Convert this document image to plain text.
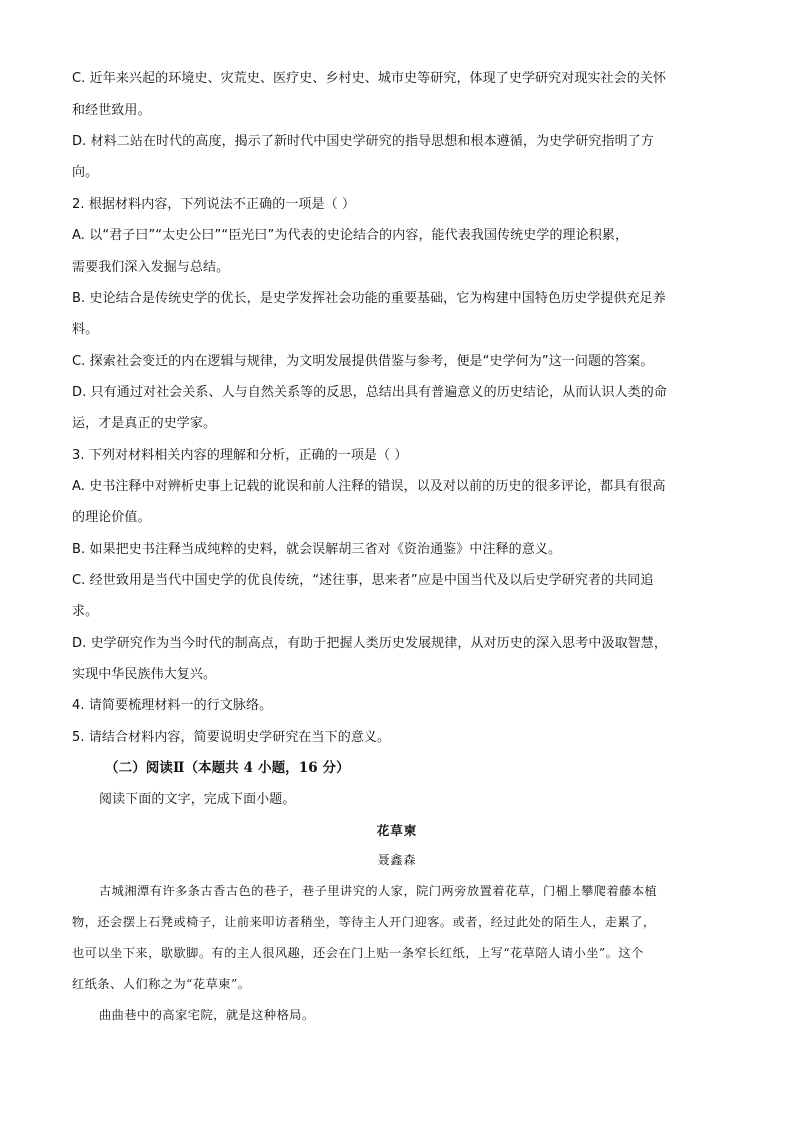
C. 近年来兴起的环境史、灾荒史、医疗史、乡村史、城市史等研究，体现了史学研究对现实社会的关怀
和经世致用。
D. 材料二站在时代的高度，揭示了新时代中国史学研究的指导思想和根本遵循，为史学研究指明了方
向。
2. 根据材料内容，下列说法不正确的一项是（ ）
A. 以“君子曰”“太史公曰”“臣光曰”为代表的史论结合的内容，能代表我国传统史学的理论积累，
需要我们深入发掘与总结。
B. 史论结合是传统史学的优长，是史学发挥社会功能的重要基础，它为构建中国特色历史学提供充足养
料。
C. 探索社会变迁的内在逻辑与规律，为文明发展提供借鉴与参考，便是“史学何为”这一问题的答案。
D. 只有通过对社会关系、人与自然关系等的反思，总结出具有普遍意义的历史结论，从而认识人类的命
运，才是真正的史学家。
3. 下列对材料相关内容的理解和分析，正确的一项是（ ）
A. 史书注释中对辨析史事上记载的讹误和前人注释的错误，以及对以前的历史的很多评论，都具有很高
的理论价值。
B. 如果把史书注释当成纯粹的史料，就会误解胡三省对《资治通鉴》中注释的意义。
C. 经世致用是当代中国史学的优良传统，“述往事，思来者”应是中国当代及以后史学研究者的共同追
求。
D. 史学研究作为当今时代的制高点，有助于把握人类历史发展规律，从对历史的深入思考中汲取智慧，
实现中华民族伟大复兴。
4. 请简要梳理材料一的行文脉络。
5. 请结合材料内容，简要说明史学研究在当下的意义。
（二）阅读Ⅱ（本题共 4 小题，16 分）
阅读下面的文字，完成下面小题。
花草柬
聂鑫森
古城湘潭有许多条古香古色的巷子，巷子里讲究的人家，院门两旁放置着花草，门楣上攀爬着藤本植
物，还会摆上石凳或椅子，让前来叩访者稍坐，等待主人开门迎客。或者，经过此处的陌生人，走累了，
也可以坐下来，歇歇脚。有的主人很风趣，还会在门上贴一条窄长红纸，上写“花草陪人请小坐”。这个
红纸条、人们称之为“花草柬”。
曲曲巷中的高家宅院，就是这种格局。
